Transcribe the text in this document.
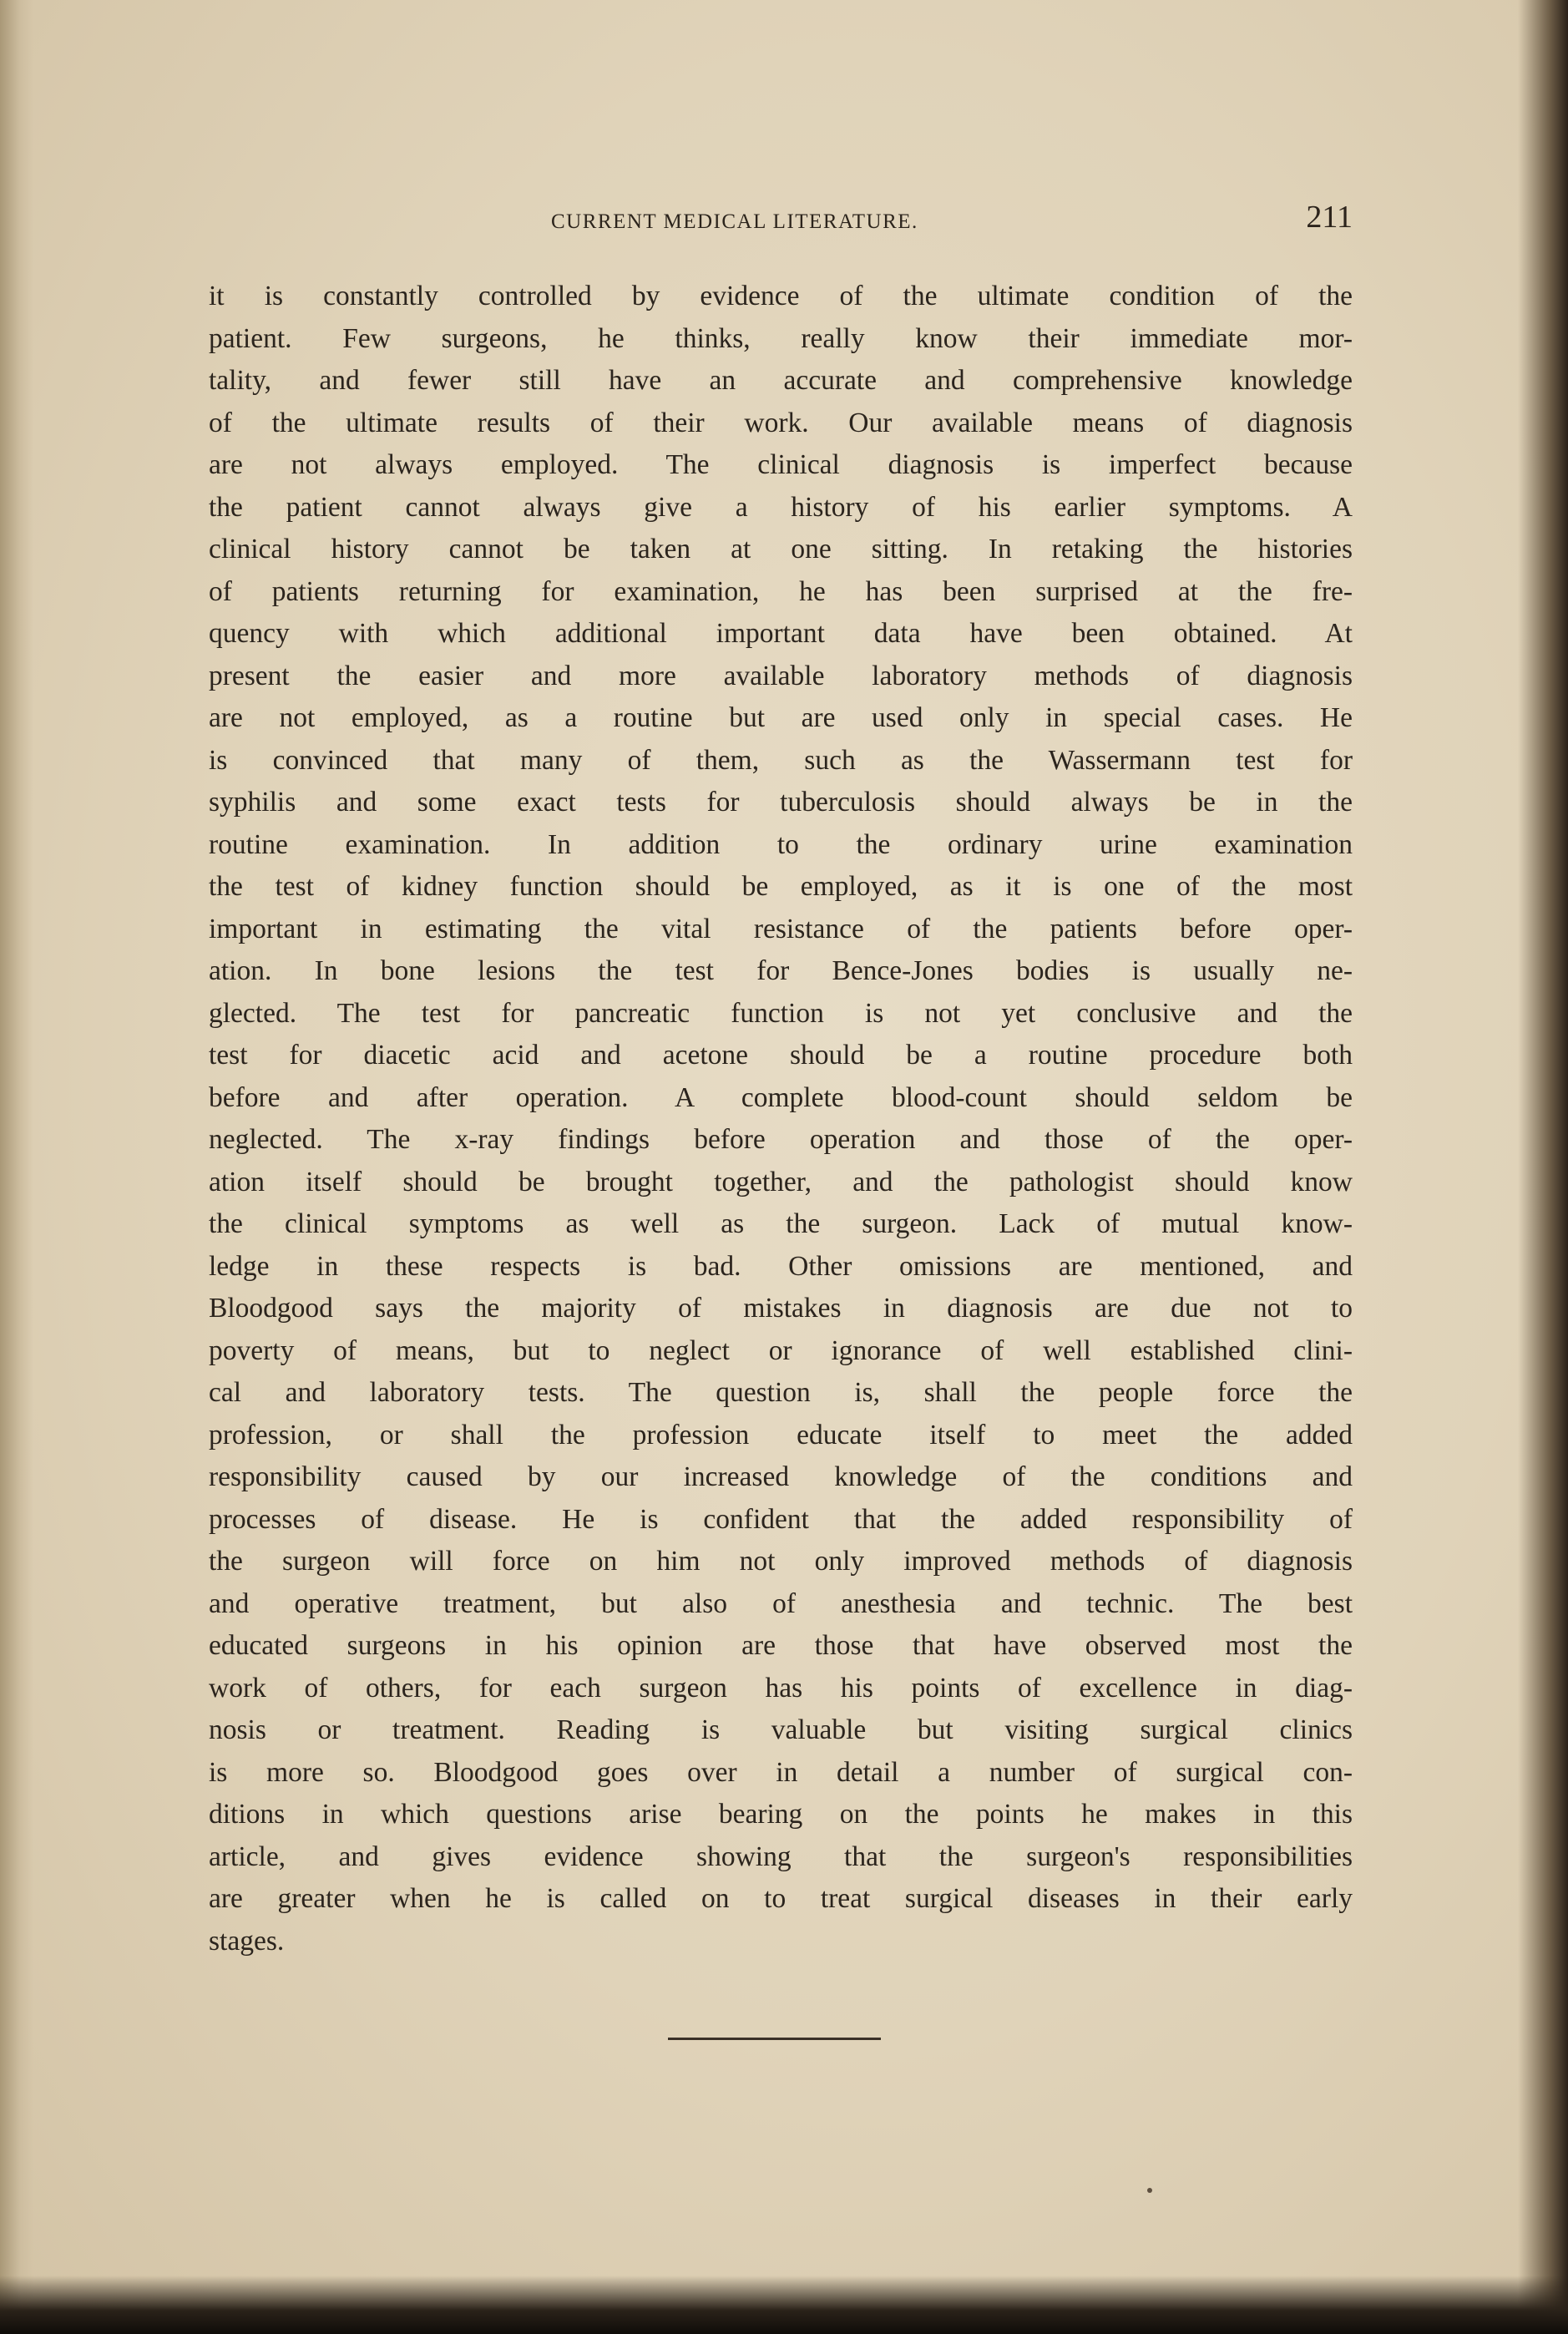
CURRENT MEDICAL LITERATURE.	211
it is constantly controlled by evidence of the ultimate condition of the
patient. Few surgeons, he thinks, really know their immediate mor-
tality, and fewer still have an accurate and comprehensive knowledge
of the ultimate results of their work. Our available means of diagnosis
are not always employed. The clinical diagnosis is imperfect because
the patient cannot always give a history of his earlier symptoms. A
clinical history cannot be taken at one sitting. In retaking the histories
of patients returning for examination, he has been surprised at the fre-
quency with which additional important data have been obtained. At
present the easier and more available laboratory methods of diagnosis
are not employed, as a routine but are used only in special cases. He
is convinced that many of them, such as the Wassermann test for
syphilis and some exact tests for tuberculosis should always be in the
routine examination. In addition to the ordinary urine examination
the test of kidney function should be employed, as it is one of the most
important in estimating the vital resistance of the patients before oper-
ation. In bone lesions the test for Bence-Jones bodies is usually ne-
glected. The test for pancreatic function is not yet conclusive and the
test for diacetic acid and acetone should be a routine procedure both
before and after operation. A complete blood-count should seldom be
neglected. The x-ray findings before operation and those of the oper-
ation itself should be brought together, and the pathologist should know
the clinical symptoms as well as the surgeon. Lack of mutual know-
ledge in these respects is bad. Other omissions are mentioned, and
Bloodgood says the majority of mistakes in diagnosis are due not to
poverty of means, but to neglect or ignorance of well established clini-
cal and laboratory tests. The question is, shall the people force the
profession, or shall the profession educate itself to meet the added
responsibility caused by our increased knowledge of the conditions and
processes of disease. He is confident that the added responsibility of
the surgeon will force on him not only improved methods of diagnosis
and operative treatment, but also of anesthesia and technic. The best
educated surgeons in his opinion are those that have observed most the
work of others, for each surgeon has his points of excellence in diag-
nosis or treatment. Reading is valuable but visiting surgical clinics
is more so. Bloodgood goes over in detail a number of surgical con-
ditions in which questions arise bearing on the points he makes in this
article, and gives evidence showing that the surgeon's responsibilities
are greater when he is called on to treat surgical diseases in their early
stages.
